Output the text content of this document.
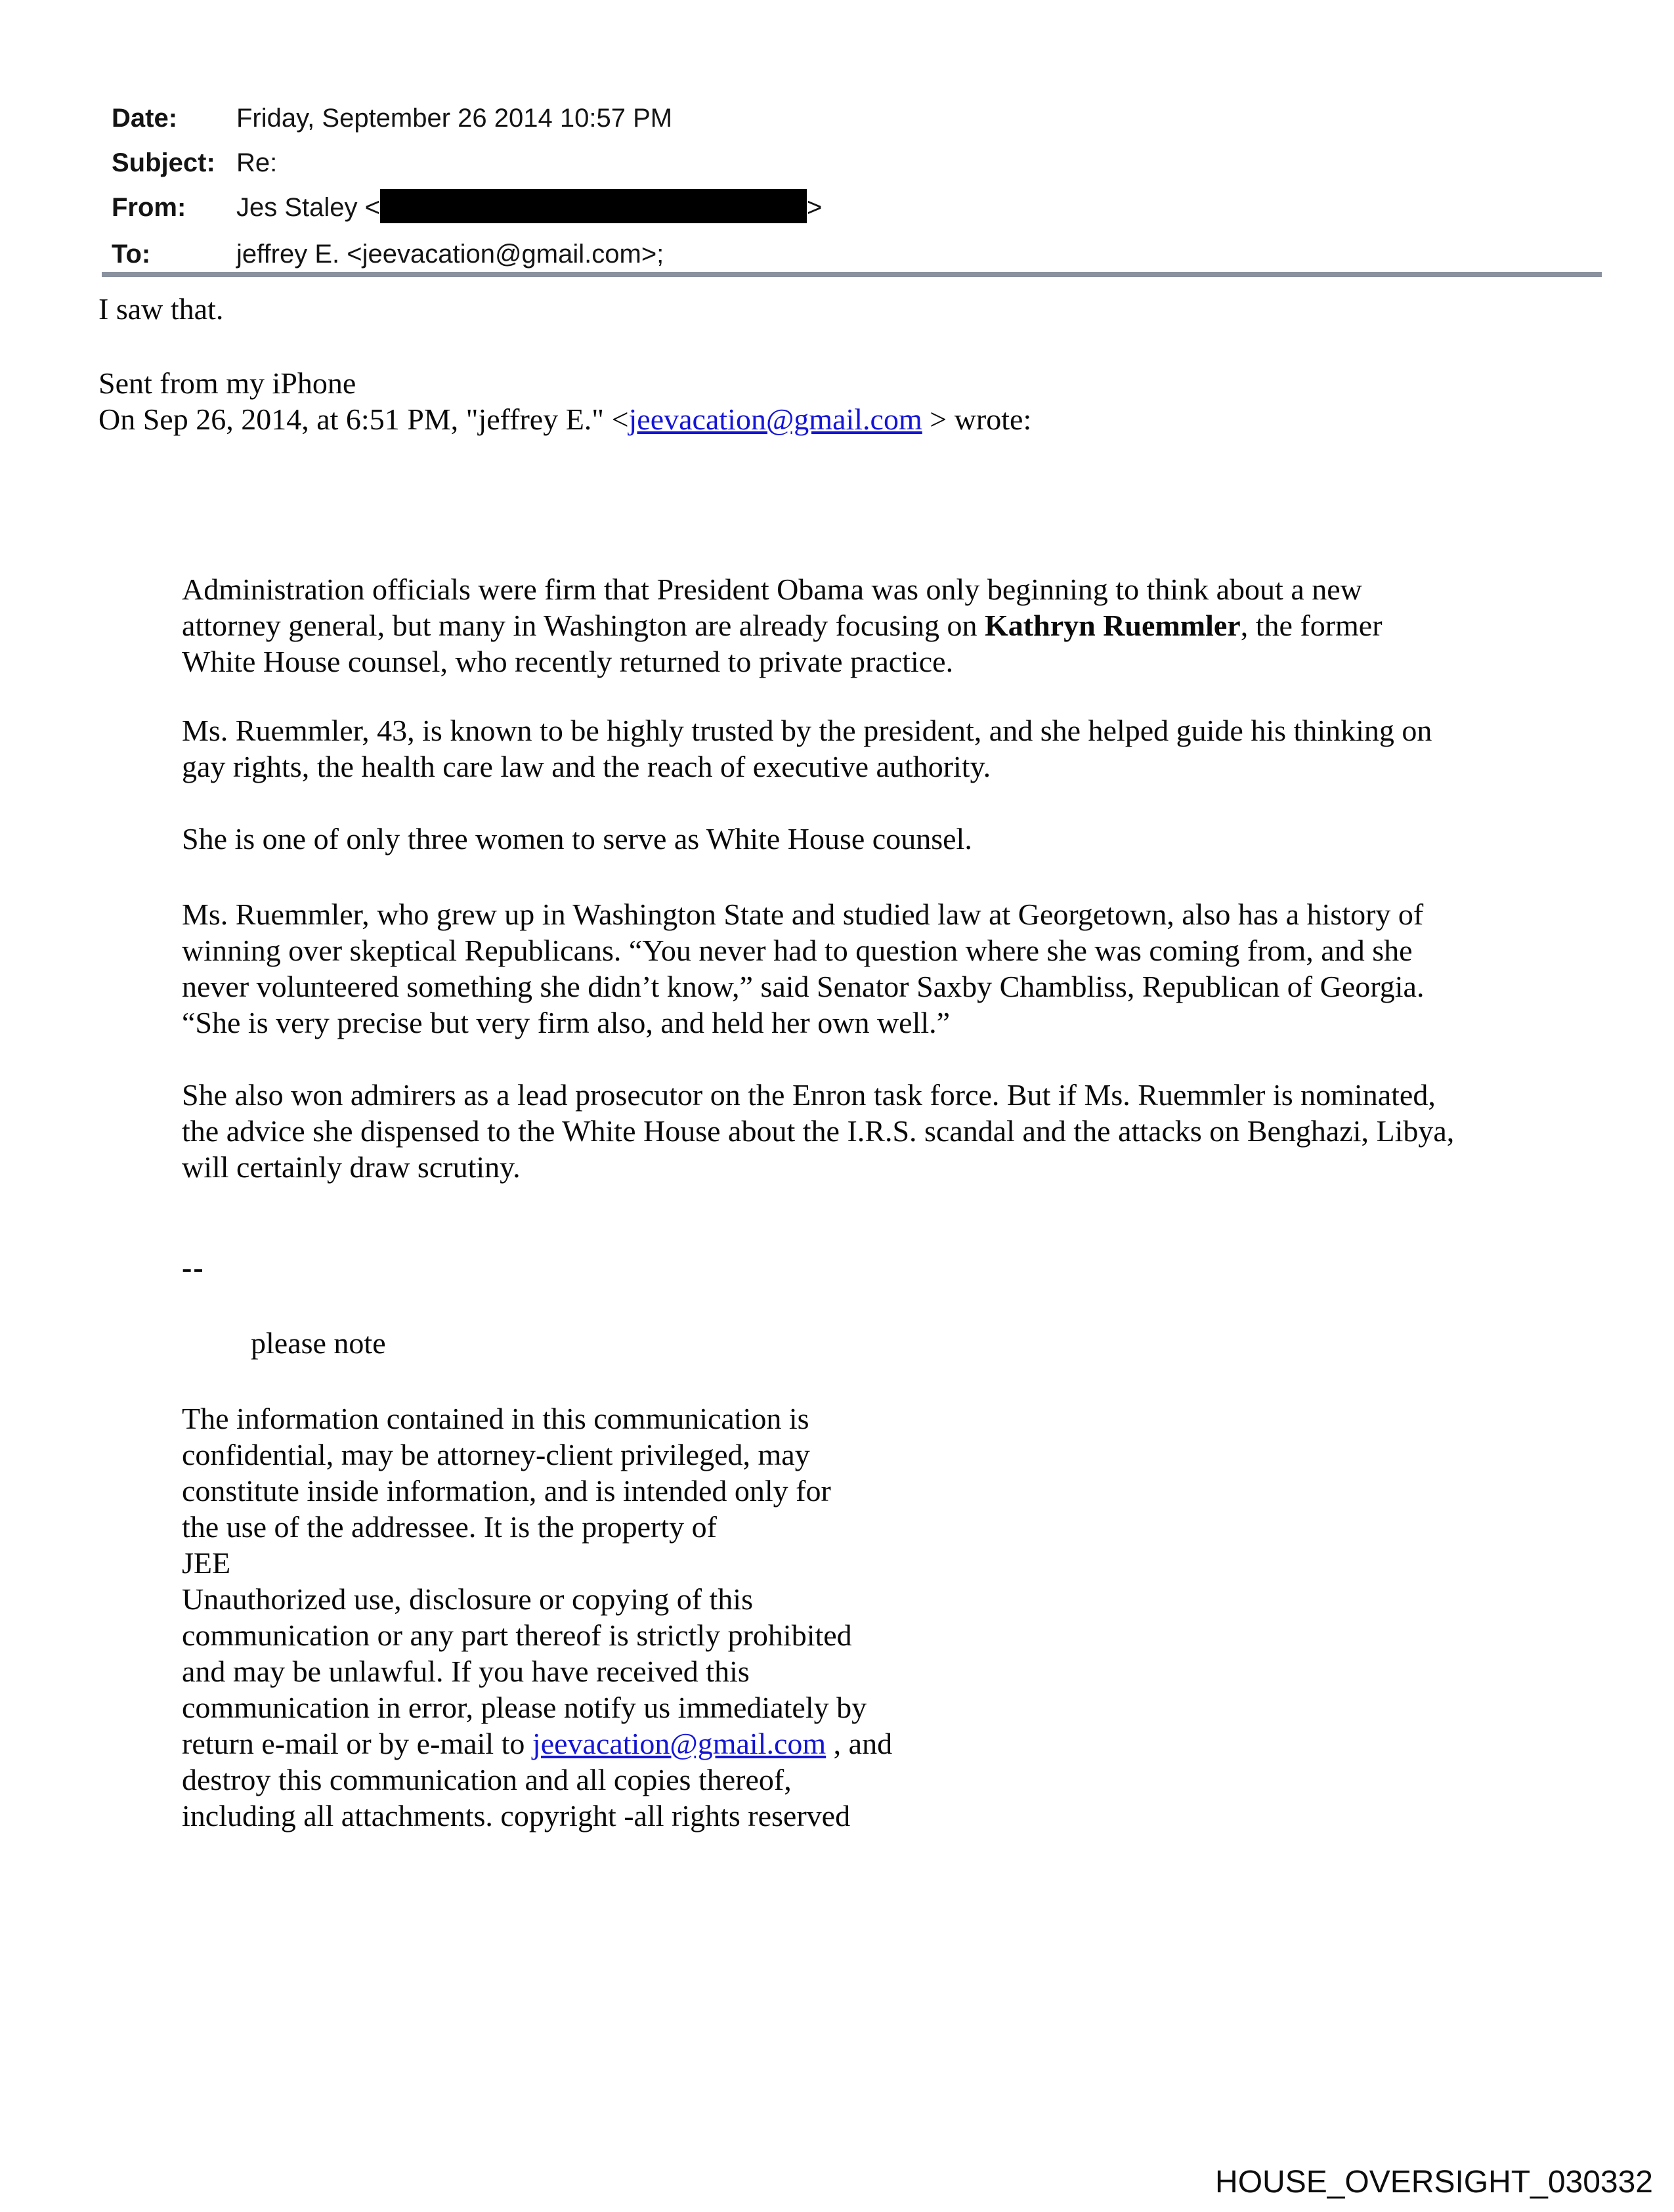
Date:	Friday, September 26 2014 10:57 PM
Subject: Re:
From:	Jes Staley <	>
To:	jeffrey E. <jeevacation@gmail.com>;
I saw that.
Sent from my iPhone
On Sep 26, 2014, at 6:51 PM, "jeffrey E." <jeevacation@gmail.com > wrote:

Administration officials were firm that President Obama was only beginning to think about a new
attorney general, but many in Washington are already focusing on Kathryn Ruemmler, the former
White House counsel, who recently returned to private practice.

Ms. Ruemmler, 43, is known to be highly trusted by the president, and she helped guide his thinking on
gay rights, the health care law and the reach of executive authority.

She is one of only three women to serve as White House counsel.

Ms. Ruemmler, who grew up in Washington State and studied law at Georgetown, also has a history of
winning over skeptical Republicans. “You never had to question where she was coming from, and she
never volunteered something she didn’t know,” said Senator Saxby Chambliss, Republican of Georgia.
“She is very precise but very firm also, and held her own well.”

She also won admirers as a lead prosecutor on the Enron task force. But if Ms. Ruemmler is nominated,
the advice she dispensed to the White House about the I.R.S. scandal and the attacks on Benghazi, Libya,
will certainly draw scrutiny.

--
please note
The information contained in this communication is
confidential, may be attorney-client privileged, may
constitute inside information, and is intended only for
the use of the addressee. It is the property of
JEE
Unauthorized use, disclosure or copying of this
communication or any part thereof is strictly prohibited
and may be unlawful. If you have received this
communication in error, please notify us immediately by
return e-mail or by e-mail to jeevacation@gmail.com , and
destroy this communication and all copies thereof,
including all attachments. copyright -all rights reserved
HOUSE_OVERSIGHT_030332
